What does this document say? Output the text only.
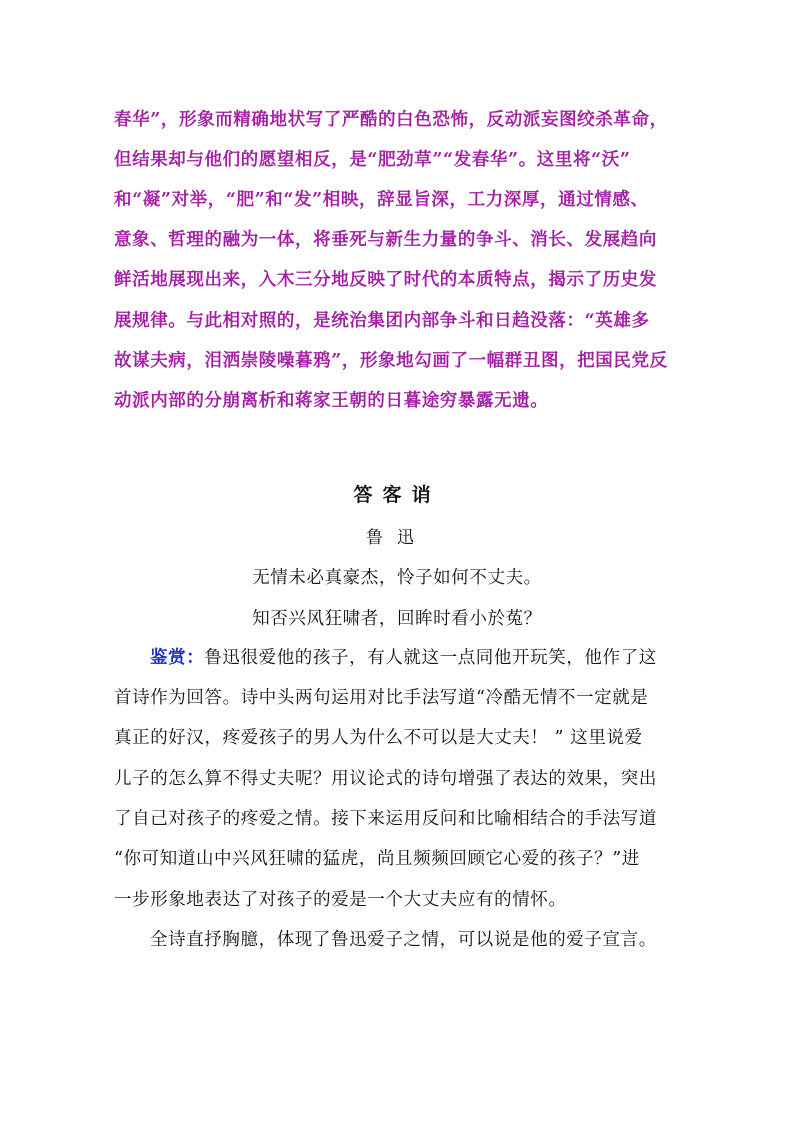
春华”，形象而精确地状写了严酷的白色恐怖，反动派妄图绞杀革命，
但结果却与他们的愿望相反，是“肥劲草”“发春华”。这里将“沃”
和“凝”对举，“肥”和“发”相映，辞显旨深，工力深厚，通过情感、
意象、哲理的融为一体，将垂死与新生力量的争斗、消长、发展趋向
鲜活地展现出来，入木三分地反映了时代的本质特点，揭示了历史发
展规律。与此相对照的，是统治集团内部争斗和日趋没落：“英雄多
故谋夫病，泪洒崇陵噪暮鸦”，形象地勾画了一幅群丑图，把国民党反
动派内部的分崩离析和蒋家王朝的日暮途穷暴露无遗。
答客诮
鲁迅
无情未必真豪杰，怜子如何不丈夫。
知否兴风狂啸者，回眸时看小於菟？
鉴赏：鲁迅很爱他的孩子，有人就这一点同他开玩笑，他作了这
首诗作为回答。诗中头两句运用对比手法写道“冷酷无情不一定就是
真正的好汉，疼爱孩子的男人为什么不可以是大丈夫！ ” 这里说爱
儿子的怎么算不得丈夫呢？用议论式的诗句增强了表达的效果，突出
了自己对孩子的疼爱之情。接下来运用反问和比喻相结合的手法写道
“你可知道山中兴风狂啸的猛虎，尚且频频回顾它心爱的孩子？”进
一步形象地表达了对孩子的爱是一个大丈夫应有的情怀。
全诗直抒胸臆，体现了鲁迅爱子之情，可以说是他的爱子宣言。
